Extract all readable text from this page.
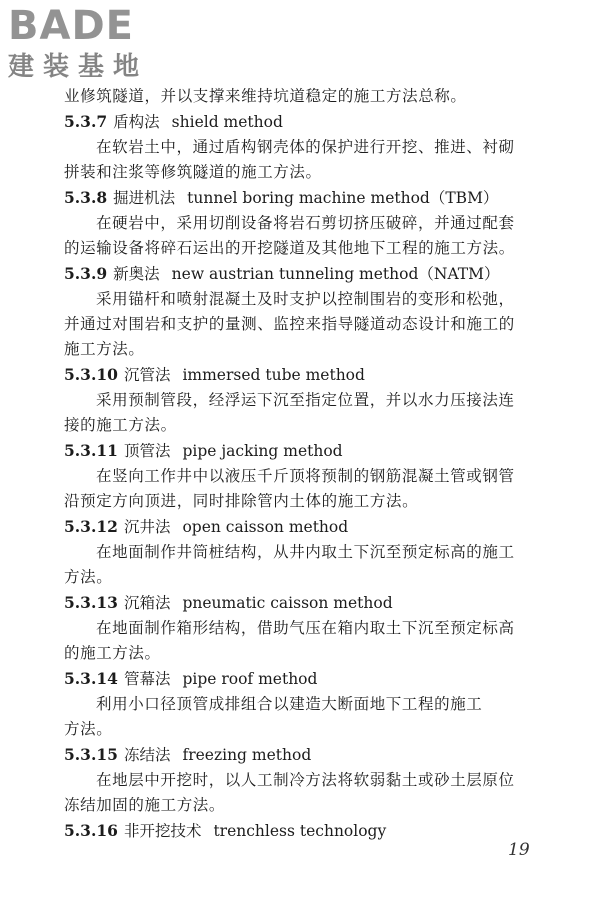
BADE
建装基地

业修筑隧道，并以支撑来维持坑道稳定的施工方法总称。

5.3.7 盾构法 shield method

在软岩土中，通过盾构钢壳体的保护进行开挖、推进、衬砌

拼装和注浆等修筑隧道的施工方法。

5.3.8 掘进机法 tunnel boring machine method（TBM）

在硬岩中，采用切削设备将岩石剪切挤压破碎，并通过配套

的运输设备将碎石运出的开挖隧道及其他地下工程的施工方法。

5.3.9 新奥法 new austrian tunneling method（NATM）

采用锚杆和喷射混凝土及时支护以控制围岩的变形和松弛，

并通过对围岩和支护的量测、监控来指导隧道动态设计和施工的

施工方法。

5.3.10 沉管法 immersed tube method

采用预制管段，经浮运下沉至指定位置，并以水力压接法连

接的施工方法。

5.3.11 顶管法 pipe jacking method

在竖向工作井中以液压千斤顶将预制的钢筋混凝土管或钢管

沿预定方向顶进，同时排除管内土体的施工方法。

5.3.12 沉井法 open caisson method

在地面制作井筒桩结构，从井内取土下沉至预定标高的施工

方法。

5.3.13 沉箱法 pneumatic caisson method

在地面制作箱形结构，借助气压在箱内取土下沉至预定标高

的施工方法。

5.3.14 管幕法 pipe roof method

利用小口径顶管成排组合以建造大断面地下工程的施工

方法。

5.3.15 冻结法 freezing method

在地层中开挖时，以人工制冷方法将软弱黏土或砂土层原位

冻结加固的施工方法。

5.3.16 非开挖技术 trenchless technology

19
